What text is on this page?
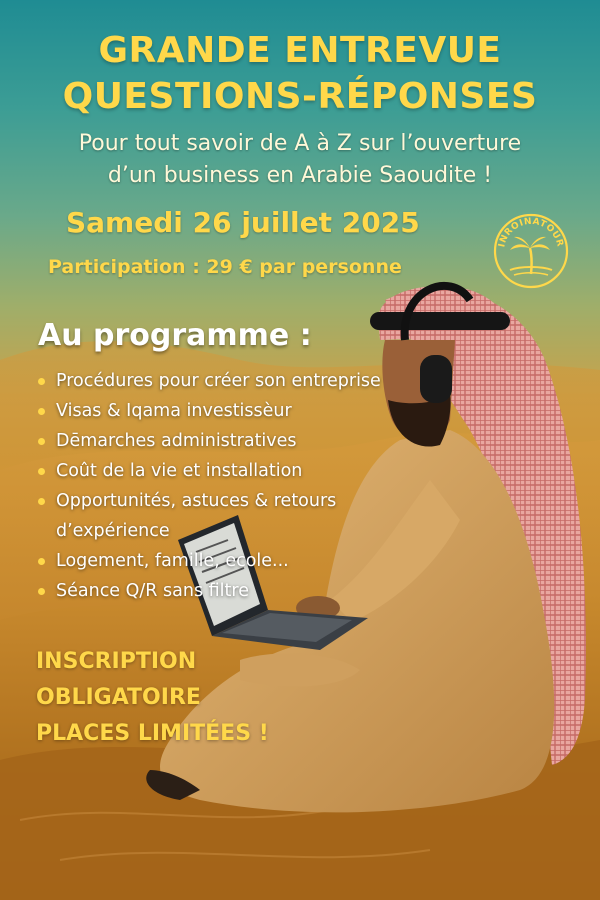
GRANDE ENTREVUE
QUESTIONS-RÉPONSES
Pour tout savoir de A à Z sur l’ouverture
d’un business en Arabie Saoudite !
Samedi 26 juillet 2025
Participation : 29 € par personne
INROINATOUR
Au programme :
Procédures pour créer son entreprise
Visas & Iqama investissèur
Dēmarches administratives
Coût de la vie et installation
Opportunités, astuces & retours
d’expérience
Logement, famille, ecole...
Séance Q/R sans filtre
INSCRIPTION
OBLIGATOIRE
PLACES LIMITÉES !
